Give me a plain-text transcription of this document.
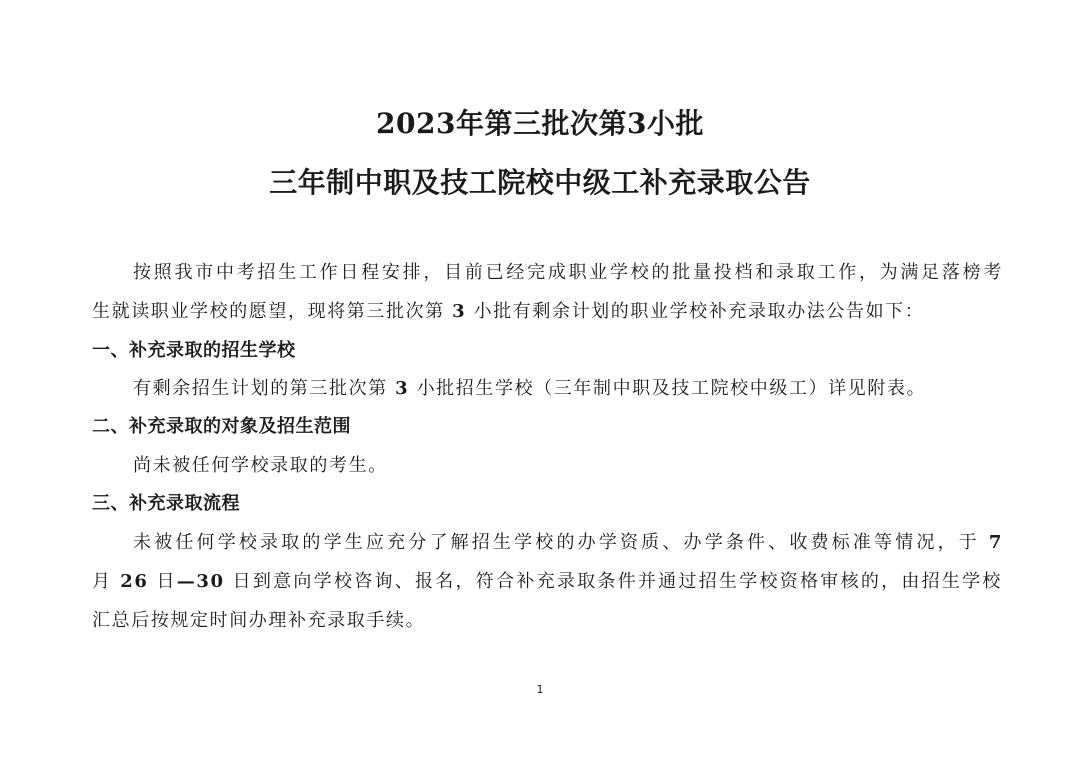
2023年第三批次第3小批
三年制中职及技工院校中级工补充录取公告
按照我市中考招生工作日程安排，目前已经完成职业学校的批量投档和录取工作，为满足落榜考
生就读职业学校的愿望，现将第三批次第 3 小批有剩余计划的职业学校补充录取办法公告如下：
一、补充录取的招生学校
有剩余招生计划的第三批次第 3 小批招生学校（三年制中职及技工院校中级工）详见附表。
二、补充录取的对象及招生范围
尚未被任何学校录取的考生。
三、补充录取流程
未被任何学校录取的学生应充分了解招生学校的办学资质、办学条件、收费标准等情况，于 7
月 26 日—30 日到意向学校咨询、报名，符合补充录取条件并通过招生学校资格审核的，由招生学校
汇总后按规定时间办理补充录取手续。
1
